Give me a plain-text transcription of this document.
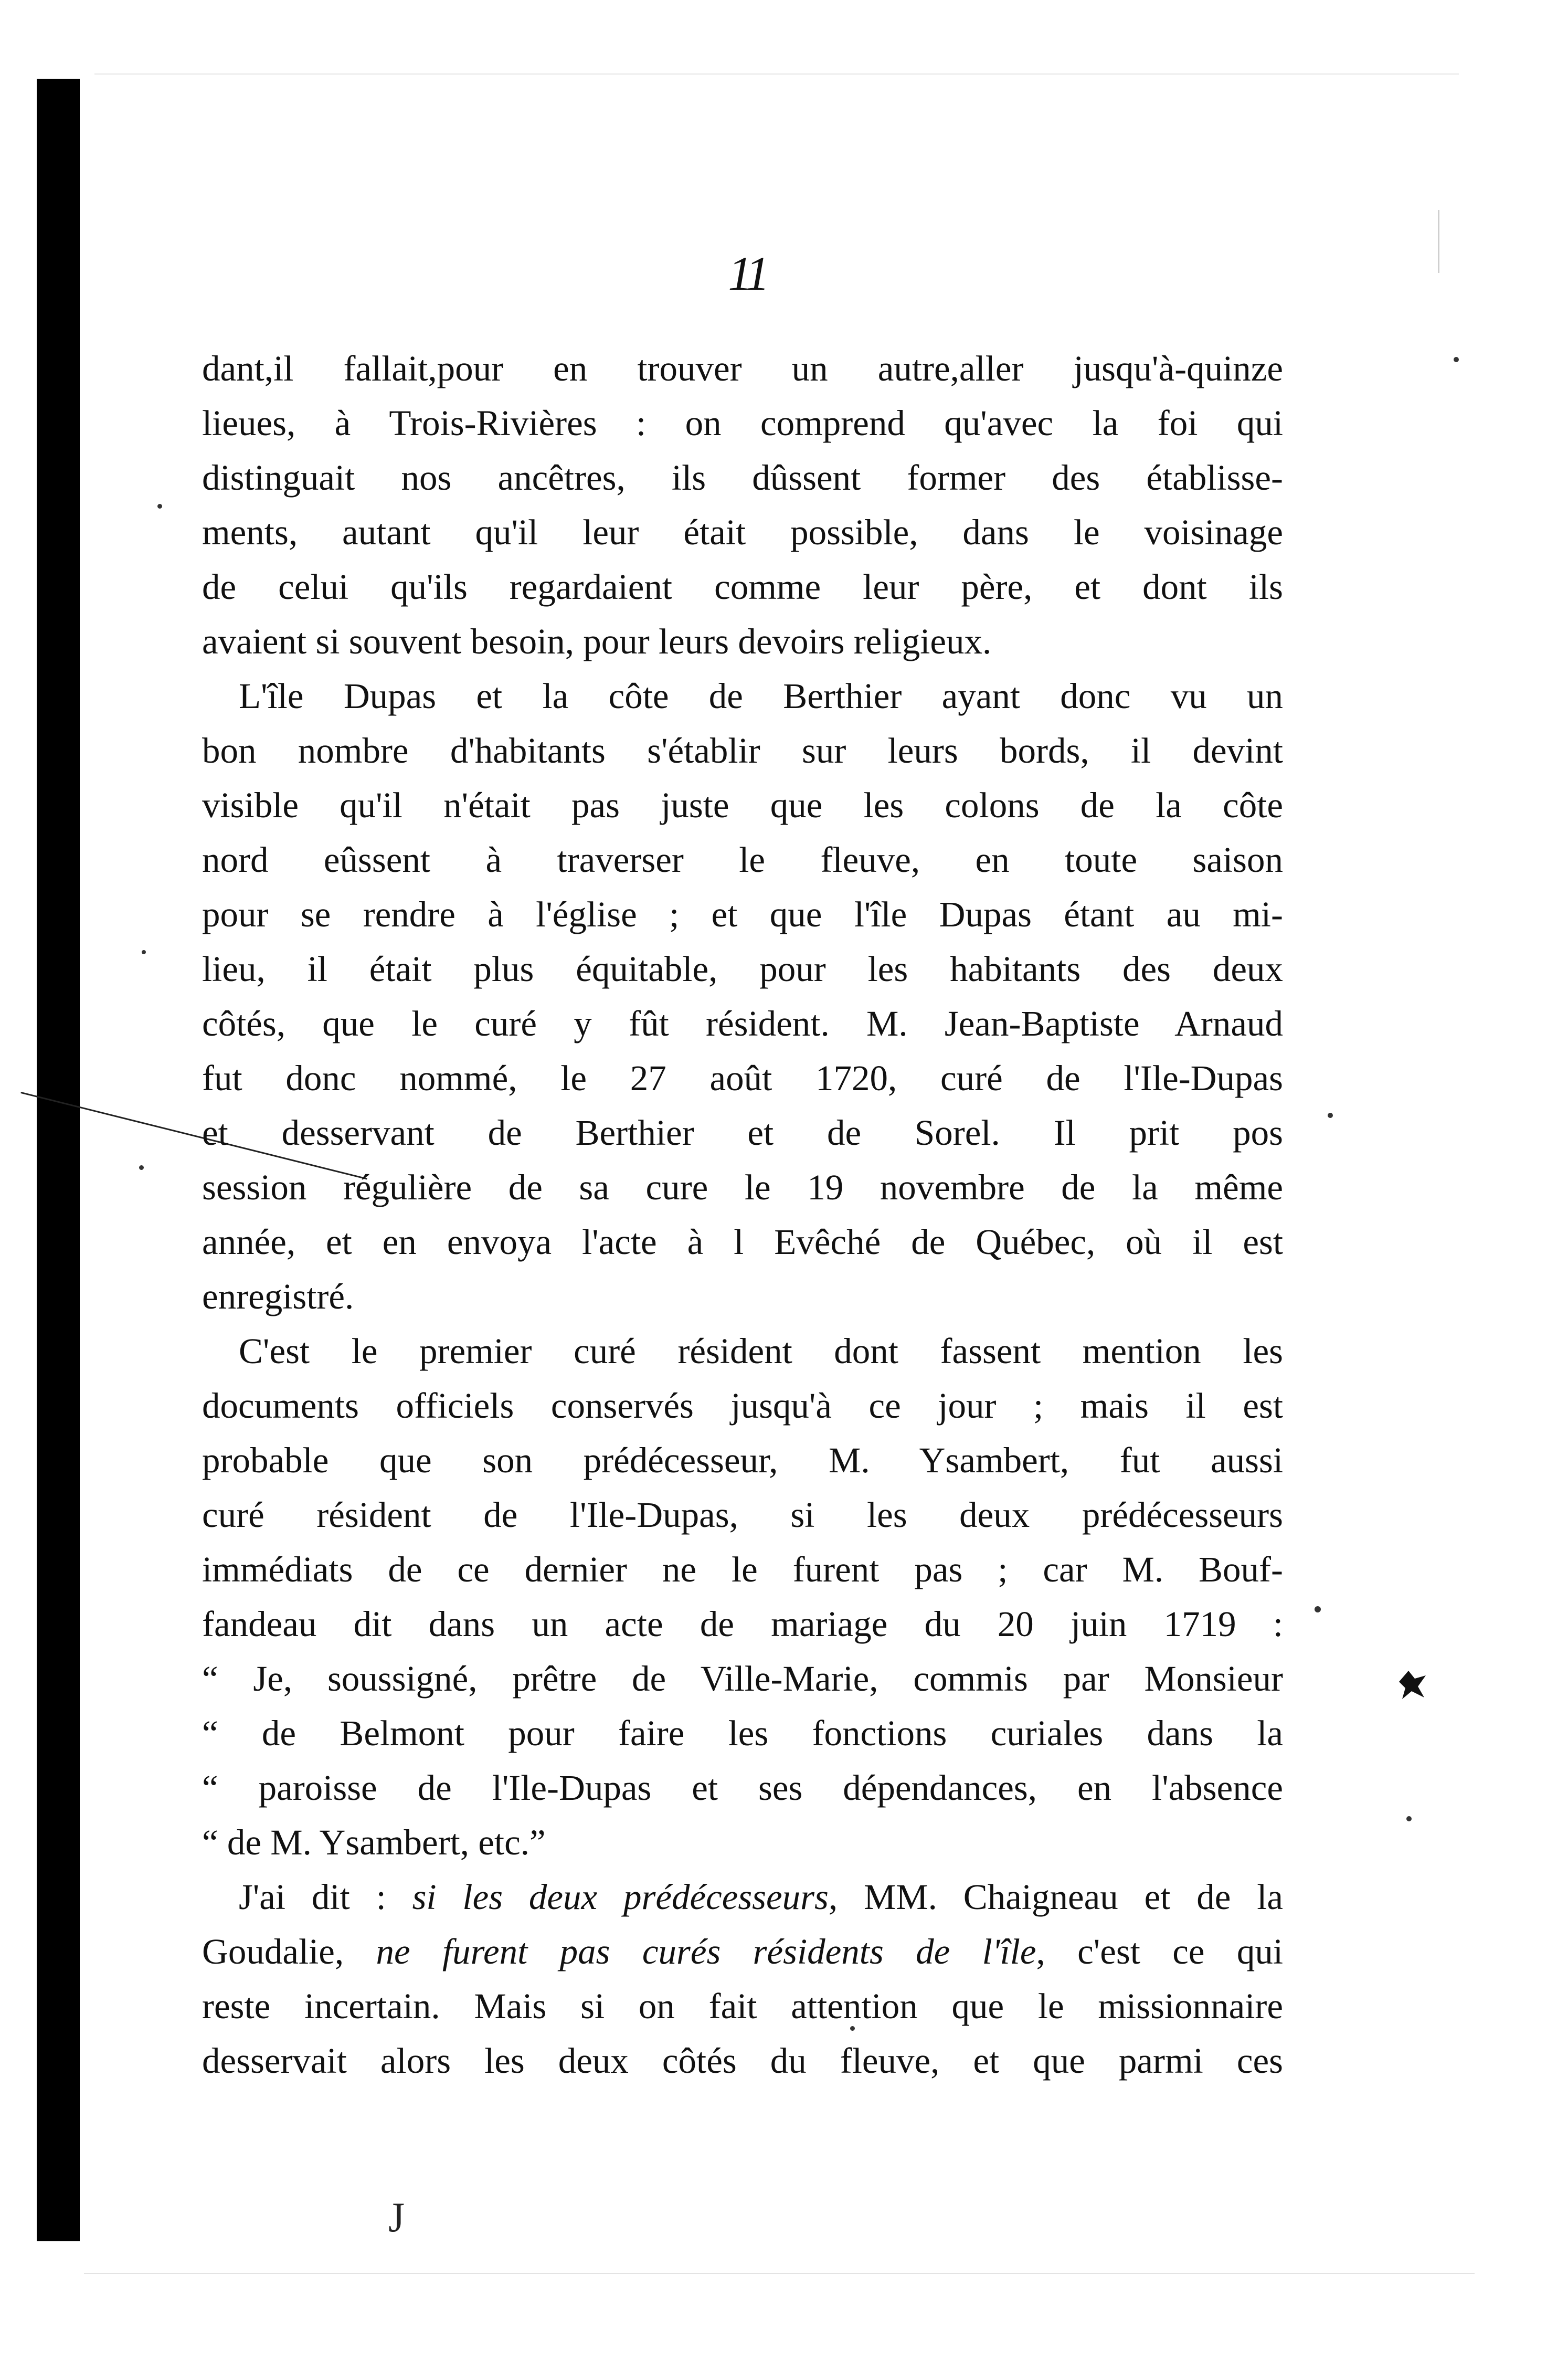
11
dant,il fallait,pour en trouver un autre,aller jusqu'à-quinze
lieues, à Trois-Rivières : on comprend qu'avec la foi qui
distinguait nos ancêtres, ils dûssent former des établisse-
ments, autant qu'il leur était possible, dans le voisinage
de celui qu'ils regardaient comme leur père, et dont ils
avaient si souvent besoin, pour leurs devoirs religieux.
L'île Dupas et la côte de Berthier ayant donc vu un
bon nombre d'habitants s'établir sur leurs bords, il devint
visible qu'il n'était pas juste que les colons de la côte
nord eûssent à traverser le fleuve, en toute saison
pour se rendre à l'église ; et que l'île Dupas étant au mi-
lieu, il était plus équitable, pour les habitants des deux
côtés, que le curé y fût résident. M. Jean-Baptiste Arnaud
fut donc nommé, le 27 août 1720, curé de l'Ile-Dupas
et desservant de Berthier et de Sorel. Il prit pos
session régulière de sa cure le 19 novembre de la même
année, et en envoya l'acte à l Evêché de Québec, où il est
enregistré.
C'est le premier curé résident dont fassent mention les
documents officiels conservés jusqu'à ce jour ; mais il est
probable que son prédécesseur, M. Ysambert, fut aussi
curé résident de l'Ile-Dupas, si les deux prédécesseurs
immédiats de ce dernier ne le furent pas ; car M. Bouf-
fandeau dit dans un acte de mariage du 20 juin 1719 :
“ Je, soussigné, prêtre de Ville-Marie, commis par Monsieur
“ de Belmont pour faire les fonctions curiales dans la
“ paroisse de l'Ile-Dupas et ses dépendances, en l'absence
“ de M. Ysambert, etc.”
J'ai dit : si les deux prédécesseurs, MM. Chaigneau et de la
Goudalie, ne furent pas curés résidents de l'île, c'est ce qui
reste incertain. Mais si on fait attention que le missionnaire
desservait alors les deux côtés du fleuve, et que parmi ces
J
